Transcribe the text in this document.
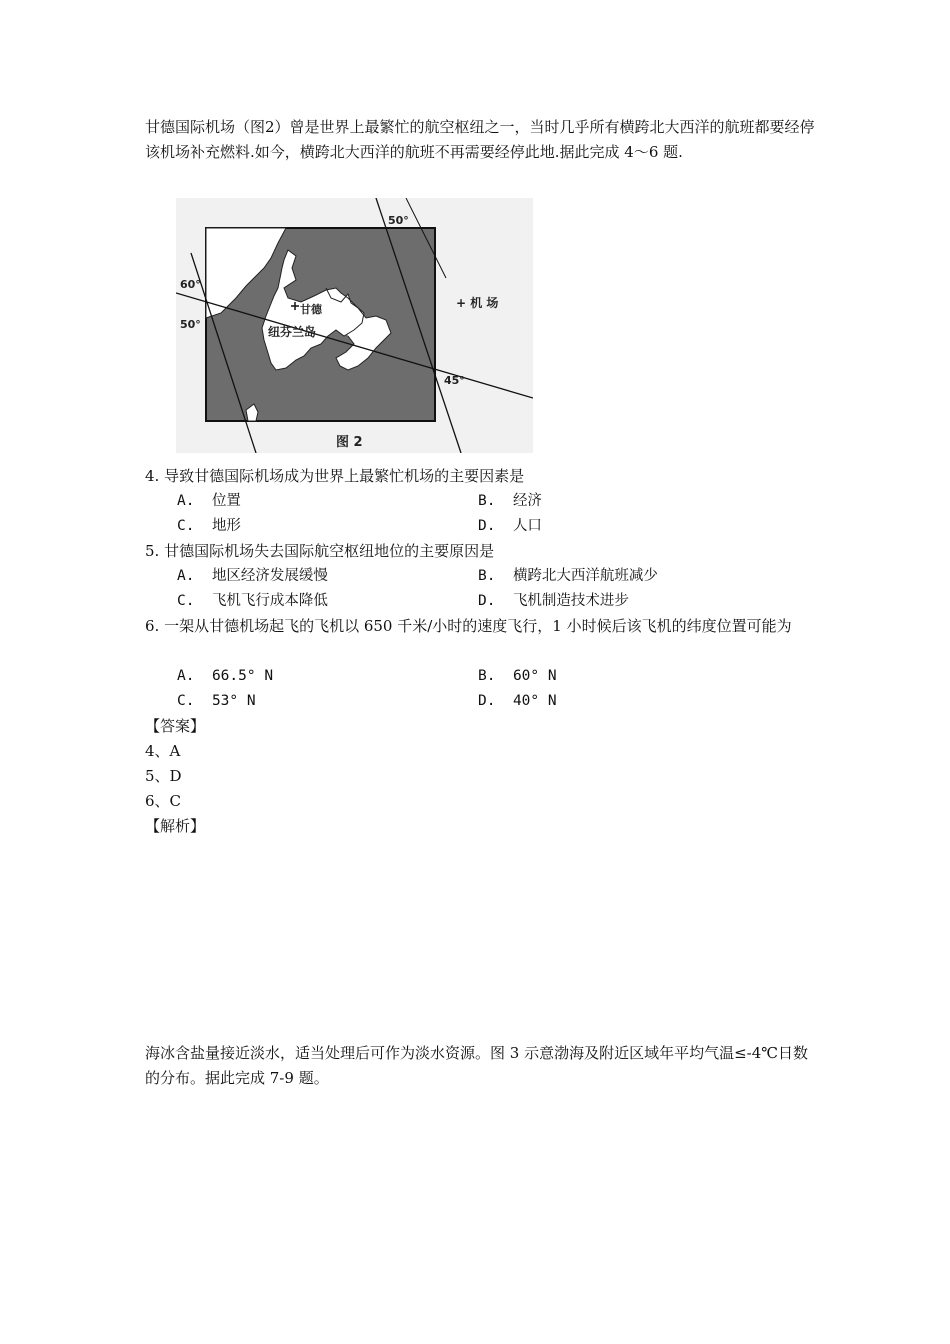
甘德国际机场（图2）曾是世界上最繁忙的航空枢纽之一，当时几乎所有横跨北大西洋的航班都要经停该机场补充燃料.如今，横跨北大西洋的航班不再需要经停此地.据此完成 4～6 题.

50°
60°
50°
45°
甘德
纽芬兰岛
+ 机 场
图 2
4. 导致甘德国际机场成为世界上最繁忙机场的主要因素是
A. 位置	B. 经济
C. 地形	D. 人口
5. 甘德国际机场失去国际航空枢纽地位的主要原因是
A. 地区经济发展缓慢	B. 横跨北大西洋航班减少
C. 飞机飞行成本降低	D. 飞机制造技术进步

6. 一架从甘德机场起飞的飞机以 650 千米/小时的速度飞行，1 小时候后该飞机的纬度位置可能为

A. 66.5° N	B. 60° N
C. 53° N	D. 40° N
【答案】
4、A
5、D
6、C
【解析】

海冰含盐量接近淡水，适当处理后可作为淡水资源。图 3 示意渤海及附近区域年平均气温≤-4℃日数的分布。据此完成 7-9 题。
